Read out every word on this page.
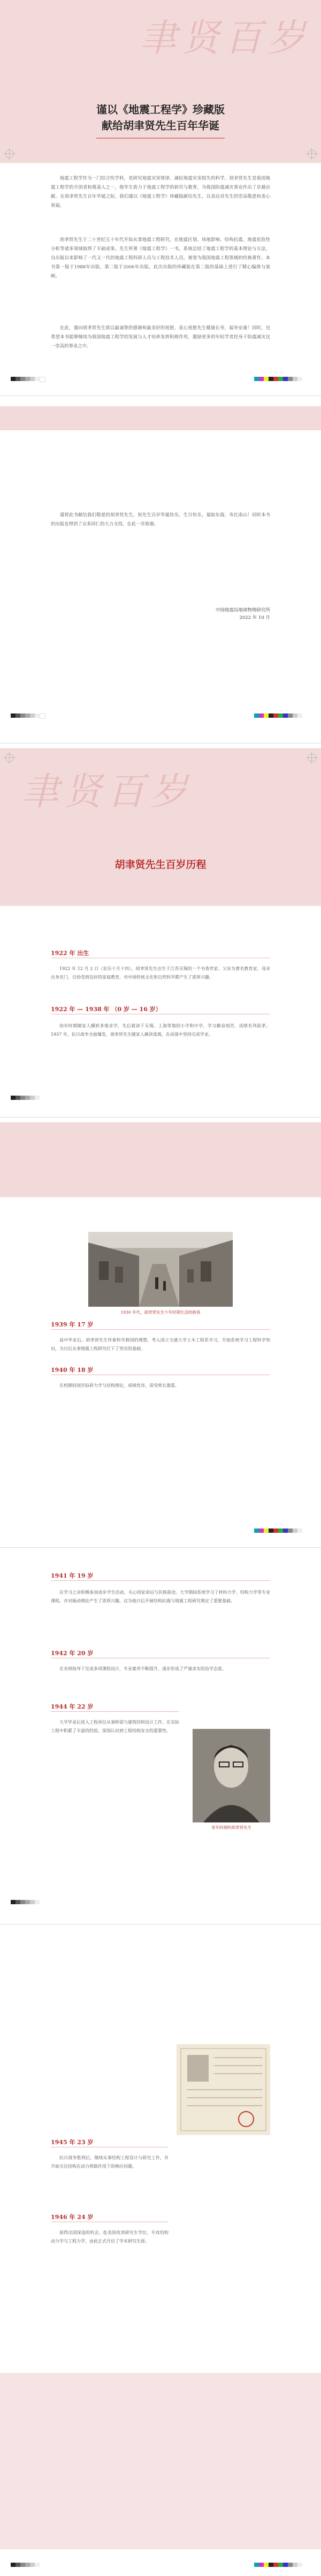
聿贤百岁
谨以《地震工程学》珍藏版
献给胡聿贤先生百年华诞
地震工程学作为一门综合性学科，是研究地震灾害规律、减轻地震灾害损失的科学。胡聿贤先生是我国地震工程学的开创者和奠基人之一，他毕生致力于地震工程学的研究与教育，为我国防震减灾事业作出了卓越贡献。在胡聿贤先生百年华诞之际，我们谨以《地震工程学》珍藏版献给先生，以表达对先生的崇高敬意和衷心祝福。
胡聿贤先生于二十世纪五十年代开始从事地震工程研究，在地震区划、场地影响、结构抗震、地震危险性分析等诸多领域取得了丰硕成果。先生所著《地震工程学》一书，系统总结了地震工程学的基本理论与方法，自出版以来影响了一代又一代的地震工程科研人员与工程技术人员，被誉为我国地震工程领域的经典著作。本书第一版于1988年出版，第二版于2006年出版，此次出版的珍藏版在第二版的基础上进行了精心编排与装帧。
在此，谨向胡聿贤先生致以最诚挚的感谢和最美好的祝愿，衷心祝愿先生健康长寿，福寿安康！同时，也希望本书能够继续为我国地震工程学的发展与人才培养发挥积极作用，激励更多的年轻学者投身于防震减灾这一崇高的事业之中。
谨将此书献给我们敬爱的胡聿贤先生，祝先生百岁华诞快乐，生日快乐，福如东海，寿比南山！同时本书的出版也得到了众多同仁的大力支持，在此一并致谢。
中国地震局地球物理研究所
2022 年 10 月
聿贤百岁
胡聿贤先生百岁历程
1922 年 出生
1922 年 12 月 2 日（农历十月十四），胡聿贤先生出生于江苏无锡的一个书香世家。父亲为著名教育家，母亲出身名门，自幼受到良好的家庭教育，对中国传统文化和自然科学都产生了浓厚兴趣。
1922 年 — 1938 年 （0 岁 — 16 岁）
幼年时期随家人辗转多地求学，先后就读于无锡、上海等地的小学和中学，学习勤奋刻苦，成绩名列前茅。1937 年，抗日战争全面爆发，胡聿贤先生随家人颠沛流离，在动荡中坚持完成学业。
1930 年代，胡聿贤先生少年时期生活的街巷
1939 年 17 岁
高中毕业后，胡聿贤先生怀着科学救国的理想，考入国立交通大学土木工程系学习，开始系统学习工程科学知识，为日后从事地震工程研究打下了坚实的基础。
1940 年 18 岁
在校期间刻苦钻研力学与结构理论，成绩优异，深受师长器重。
1941 年 19 岁
在学习之余积极参加进步学生活动，关心国家命运与民族前途。大学期间系统学习了材料力学、结构力学等专业课程，并对振动理论产生了浓厚兴趣，这为他日后开展结构抗震与地震工程研究奠定了重要基础。
1942 年 20 岁
在名师指导下完成多项课程设计，专业素养不断提升，逐步形成了严谨求实的治学态度。
1944 年 22 岁
大学毕业后进入工程单位从事桥梁与建筑结构设计工作，在实际工程中积累了丰富的经验，深刻认识到工程结构安全的重要性。
青年时期的胡聿贤先生
1945 年 23 岁
抗日战争胜利后，继续从事结构工程设计与研究工作，并开始关注结构在动力荷载作用下的响应问题。
1946 年 24 岁
获得出国深造的机会，赴美国攻读研究生学位，专攻结构动力学与工程力学，由此正式开启了学术研究生涯。
